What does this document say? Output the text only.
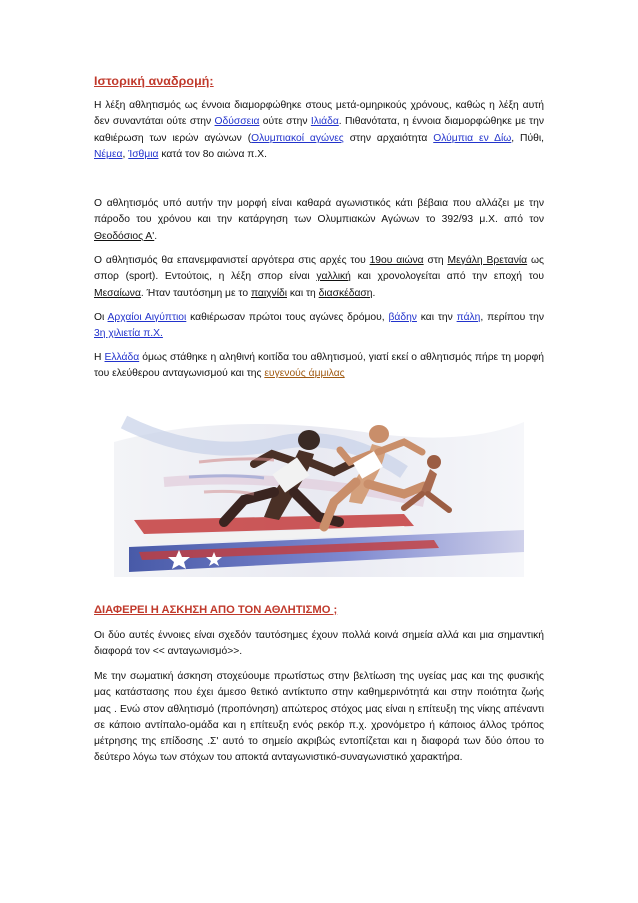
Ιστορική αναδρομή:

Η λέξη αθλητισμός ως έννοια διαμορφώθηκε στους μετά-ομηρικούς χρόνους, καθώς η λέξη αυτή δεν συναντάται ούτε στην Οδύσσεια ούτε στην Ιλιάδα. Πιθανότατα, η έννοια διαμορφώθηκε με την καθιέρωση των ιερών αγώνων (Ολυμπιακοί αγώνες στην αρχαιότητα Ολύμπια εν Δίω, Πύθι, Νέμεα, Ίσθμια κατά τον 8ο αιώνα π.Χ.

Ο αθλητισμός υπό αυτήν την μορφή είναι καθαρά αγωνιστικός κάτι βέβαια που αλλάζει με την πάροδο του χρόνου και την κατάργηση των Ολυμπιακών Αγώνων το 392/93 μ.Χ. από τον Θεοδόσιος Α'.

Ο αθλητισμός θα επανεμφανιστεί αργότερα στις αρχές του 19ου αιώνα στη Μεγάλη Βρετανία ως σπορ (sport). Εντούτοις, η λέξη σπορ είναι γαλλική και χρονολογείται από την εποχή του Μεσαίωνα. Ήταν ταυτόσημη με το παιχνίδι και τη διασκέδαση.

Οι Αρχαίοι Αιγύπτιοι καθιέρωσαν πρώτοι τους αγώνες δρόμου, βάδην και την πάλη, περίπου την 3η χιλιετία π.Χ.

Η Ελλάδα όμως στάθηκε η αληθινή κοιτίδα του αθλητισμού, γιατί εκεί ο αθλητισμός πήρε τη μορφή του ελεύθερου ανταγωνισμού και της ευγενούς άμμιλας

ΔΙΑΦΕΡΕΙ Η ΑΣΚΗΣΗ ΑΠΟ ΤΟΝ ΑΘΛΗΤΙΣΜΟ ;

Οι δύο αυτές έννοιες είναι σχεδόν ταυτόσημες έχουν πολλά κοινά σημεία αλλά και μια σημαντική διαφορά τον << ανταγωνισμό>>.

Με την σωματική άσκηση στοχεύουμε πρωτίστως στην βελτίωση της υγείας μας και της φυσικής μας κατάστασης που έχει άμεσο θετικό αντίκτυπο στην καθημερινότητά και στην ποιότητα ζωής μας . Ενώ στον αθλητισμό (προπόνηση) απώτερος στόχος μας είναι η επίτευξη της νίκης απέναντι σε κάποιο αντίπαλο-ομάδα και η επίτευξη ενός ρεκόρ π.χ. χρονόμετρο ή κάποιος άλλος τρόπος μέτρησης της επίδοσης .Σ' αυτό το σημείο ακριβώς εντοπίζεται και η διαφορά των δύο όπου το δεύτερο λόγω των στόχων του αποκτά ανταγωνιστικό-συναγωνιστικό χαρακτήρα.
